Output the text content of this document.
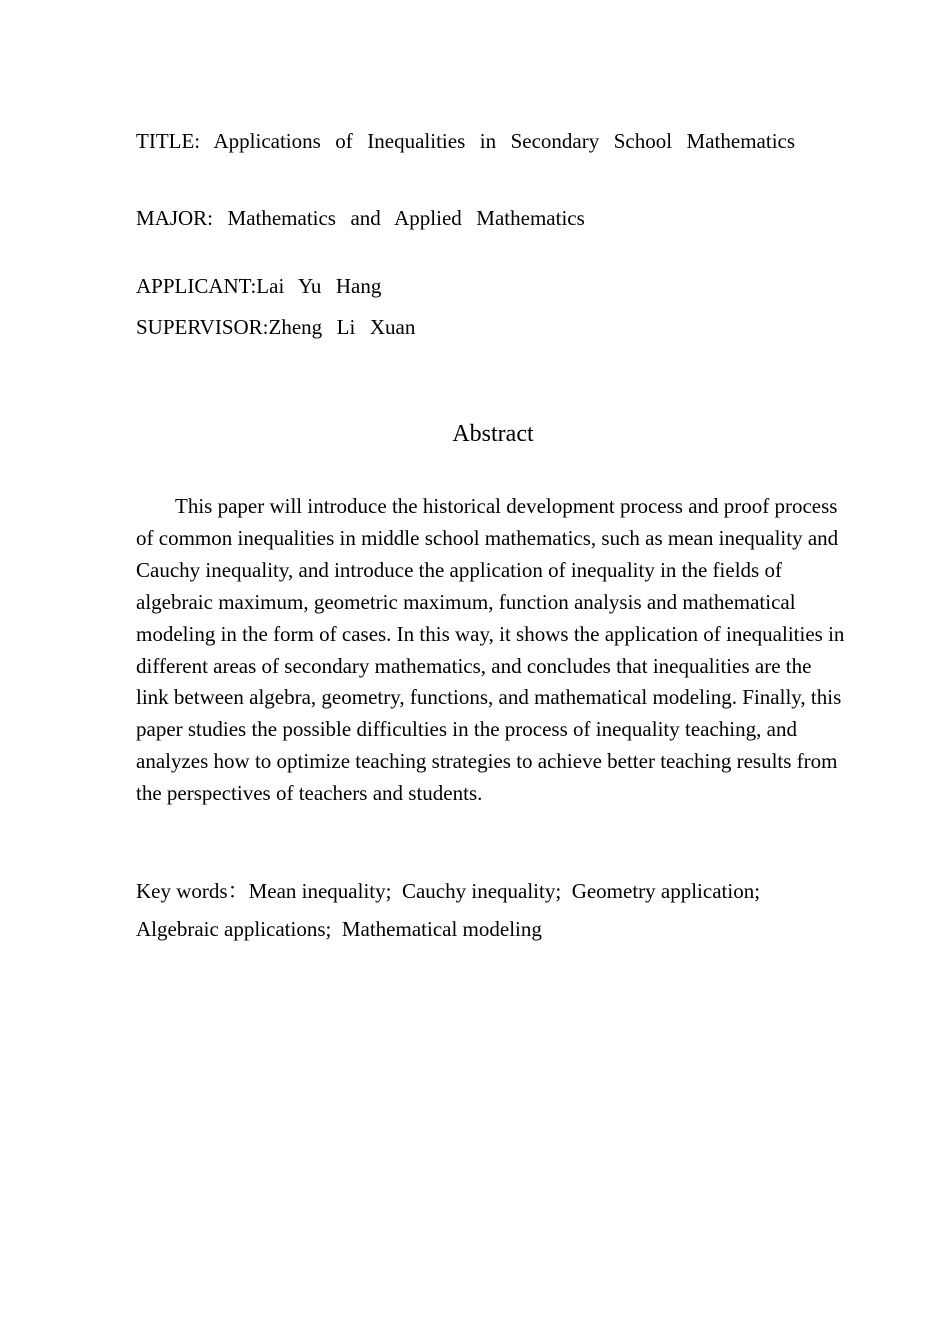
TITLE:  Applications  of  Inequalities  in  Secondary  School  Mathematics
MAJOR:  Mathematics  and  Applied  Mathematics
APPLICANT:Lai  Yu  Hang
SUPERVISOR:Zheng  Li  Xuan
Abstract

This paper will introduce the historical development process and proof process of common inequalities in middle school mathematics, such as mean inequality and Cauchy inequality, and introduce the application of inequality in the fields of algebraic maximum, geometric maximum, function analysis and mathematical modeling in the form of cases. In this way, it shows the application of inequalities in different areas of secondary mathematics, and concludes that inequalities are the link between algebra, geometry, functions, and mathematical modeling. Finally, this paper studies the possible difficulties in the process of inequality teaching, and analyzes how to optimize teaching strategies to achieve better teaching results from the perspectives of teachers and students.

Key words：Mean inequality; Cauchy inequality; Geometry application;
Algebraic applications; Mathematical modeling
